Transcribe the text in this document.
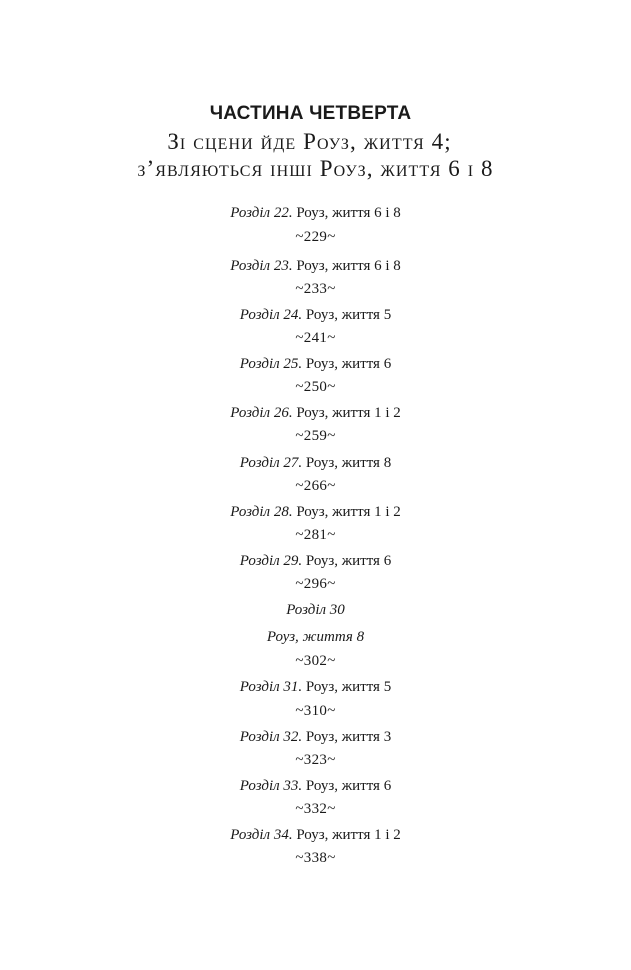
ЧАСТИНА ЧЕТВЕРТА
Зі сцени йде Роуз, життя 4;
з’являються інші Роуз, життя 6 і 8
Розділ 22. Роуз, життя 6 і 8
~229~
Розділ 23. Роуз, життя 6 і 8
~233~
Розділ 24. Роуз, життя 5
~241~
Розділ 25. Роуз, життя 6
~250~
Розділ 26. Роуз, життя 1 і 2
~259~
Розділ 27. Роуз, життя 8
~266~
Розділ 28. Роуз, життя 1 і 2
~281~
Розділ 29. Роуз, життя 6
~296~
Розділ 30
Роуз, життя 8
~302~
Розділ 31. Роуз, життя 5
~310~
Розділ 32. Роуз, життя 3
~323~
Розділ 33. Роуз, життя 6
~332~
Розділ 34. Роуз, життя 1 і 2
~338~
